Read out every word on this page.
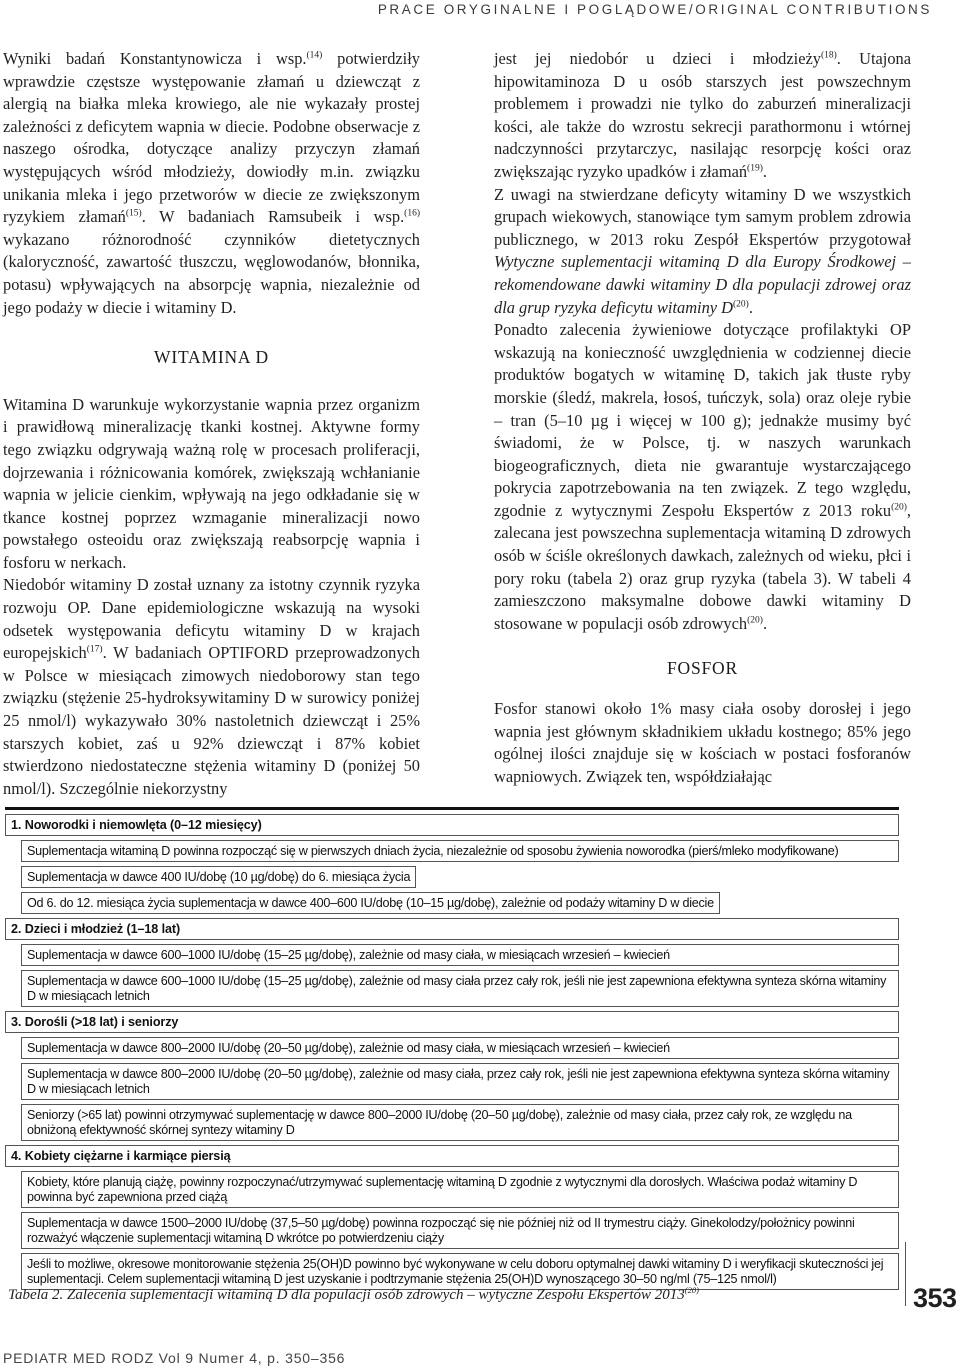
PRACE ORYGINALNE I POGLĄDOWE/ORIGINAL CONTRIBUTIONS

Wyniki badań Konstantynowicza i wsp.$^{(14)}$ potwierdziły wprawdzie częstsze występowanie złamań u dziewcząt z alergią na białka mleka krowiego, ale nie wykazały prostej zależności z deficytem wapnia w diecie. Podobne obserwacje z naszego ośrodka, dotyczące analizy przyczyn złamań występujących wśród młodzieży, dowiodły m.in. związku unikania mleka i jego przetworów w diecie ze zwiększonym ryzykiem złamań$^{(15)}$. W badaniach Ramsubeik i wsp.$^{(16)}$ wykazano różnorodność czynników dietetycznych (kaloryczność, zawartość tłuszczu, węglowodanów, błonnika, potasu) wpływających na absorpcję wapnia, niezależnie od jego podaży w diecie i witaminy D.

WITAMINA D

Witamina D warunkuje wykorzystanie wapnia przez organizm i prawidłową mineralizację tkanki kostnej. Aktywne formy tego związku odgrywają ważną rolę w procesach proliferacji, dojrzewania i różnicowania komórek, zwiększają wchłanianie wapnia w jelicie cienkim, wpływają na jego odkładanie się w tkance kostnej poprzez wzmaganie mineralizacji nowo powstałego osteoidu oraz zwiększają reabsorpcję wapnia i fosforu w nerkach.

Niedobór witaminy D został uznany za istotny czynnik ryzyka rozwoju OP. Dane epidemiologiczne wskazują na wysoki odsetek występowania deficytu witaminy D w krajach europejskich$^{(17)}$. W badaniach OPTIFORD przeprowadzonych w Polsce w miesiącach zimowych niedoborowy stan tego związku (stężenie 25-hydroksywitaminy D w surowicy poniżej 25 nmol/l) wykazywało 30% nastoletnich dziewcząt i 25% starszych kobiet, zaś u 92% dziewcząt i 87% kobiet stwierdzono niedostateczne stężenia witaminy D (poniżej 50 nmol/l). Szczególnie niekorzystny

jest jej niedobór u dzieci i młodzieży$^{(18)}$. Utajona hipowitaminoza D u osób starszych jest powszechnym problemem i prowadzi nie tylko do zaburzeń mineralizacji kości, ale także do wzrostu sekrecji parathormonu i wtórnej nadczynności przytarczyc, nasilając resorpcję kości oraz zwiększając ryzyko upadków i złamań$^{(19)}$.

Z uwagi na stwierdzane deficyty witaminy D we wszystkich grupach wiekowych, stanowiące tym samym problem zdrowia publicznego, w 2013 roku Zespół Ekspertów przygotował Wytyczne suplementacji witaminą D dla Europy Środkowej – rekomendowane dawki witaminy D dla populacji zdrowej oraz dla grup ryzyka deficytu witaminy $D^{(20)}$.

Ponadto zalecenia żywieniowe dotyczące profilaktyki OP wskazują na konieczność uwzględnienia w codziennej diecie produktów bogatych w witaminę D, takich jak tłuste ryby morskie (śledź, makrela, łosoś, tuńczyk, sola) oraz oleje rybie – tran (5–10 µg i więcej w 100 g); jednakże musimy być świadomi, że w Polsce, tj. w naszych warunkach biogeograficznych, dieta nie gwarantuje wystarczającego pokrycia zapotrzebowania na ten związek. Z tego względu, zgodnie z wytycznymi Zespołu Ekspertów z 2013 roku$^{(20)}$, zalecana jest powszechna suplementacja witaminą D zdrowych osób w ściśle określonych dawkach, zależnych od wieku, płci i pory roku (tabela 2) oraz grup ryzyka (tabela 3). W tabeli 4 zamieszczono maksymalne dobowe dawki witaminy D stosowane w populacji osób zdrowych$^{(20)}$.

FOSFOR

Fosfor stanowi około 1% masy ciała osoby dorosłej i jego wapnia jest głównym składnikiem układu kostnego; 85% jego ogólnej ilości znajduje się w kościach w postaci fosforanów wapniowych. Związek ten, współdziałając

1. Noworodki i niemowlęta (0–12 miesięcy)
Suplementacja witaminą D powinna rozpocząć się w pierwszych dniach życia, niezależnie od sposobu żywienia noworodka (pierś/mleko modyfikowane)
Suplementacja w dawce 400 IU/dobę (10 µg/dobę) do 6. miesiąca życia Od 6. do 12. miesiąca życia suplementacja w dawce 400–600 IU/dobę (10–15 µg/dobę), zależnie od podaży witaminy D w diecie
2. Dzieci i młodzież (1–18 lat)
Suplementacja w dawce 600–1000 IU/dobę (15–25 µg/dobę), zależnie od masy ciała, w miesiącach wrzesień – kwiecień
Suplementacja w dawce 600–1000 IU/dobę (15–25 µg/dobę), zależnie od masy ciała przez cały rok, jeśli nie jest zapewniona efektywna synteza skórna witaminy D w miesiącach letnich
3. Dorośli (>18 lat) i seniorzy
Suplementacja w dawce 800–2000 IU/dobę (20–50 µg/dobę), zależnie od masy ciała, w miesiącach wrzesień – kwiecień
Suplementacja w dawce 800–2000 IU/dobę (20–50 µg/dobę), zależnie od masy ciała, przez cały rok, jeśli nie jest zapewniona efektywna synteza skórna witaminy D w miesiącach letnich
Seniorzy (>65 lat) powinni otrzymywać suplementację w dawce 800–2000 IU/dobę (20–50 µg/dobę), zależnie od masy ciała, przez cały rok, ze względu na obniżoną efektywność skórnej syntezy witaminy D
4. Kobiety ciężarne i karmiące piersią
Kobiety, które planują ciążę, powinny rozpoczynać/utrzymywać suplementację witaminą D zgodnie z wytycznymi dla dorosłych. Właściwa podaż witaminy D powinna być zapewniona przed ciążą
Suplementacja w dawce 1500–2000 IU/dobę (37,5–50 µg/dobę) powinna rozpocząć się nie później niż od II trymestru ciąży. Ginekolodzy/położnicy powinni rozważyć włączenie suplementacji witaminą D wkrótce po potwierdzeniu ciąży
Jeśli to możliwe, okresowe monitorowanie stężenia 25(OH)D powinno być wykonywane w celu doboru optymalnej dawki witaminy D i weryfikacji skuteczności jej suplementacji. Celem suplementacji witaminą D jest uzyskanie i podtrzymanie stężenia 25(OH)D wynoszącego 30–50 ng/ml (75–125 nmol/l)
Tabela 2. Zalecenia suplementacji witaminą D dla populacji osób zdrowych – wytyczne Zespołu Ekspertów 2013$^{(20)}$	353
PEDIATR MED RODZ Vol 9 Numer 4, p. 350–356
